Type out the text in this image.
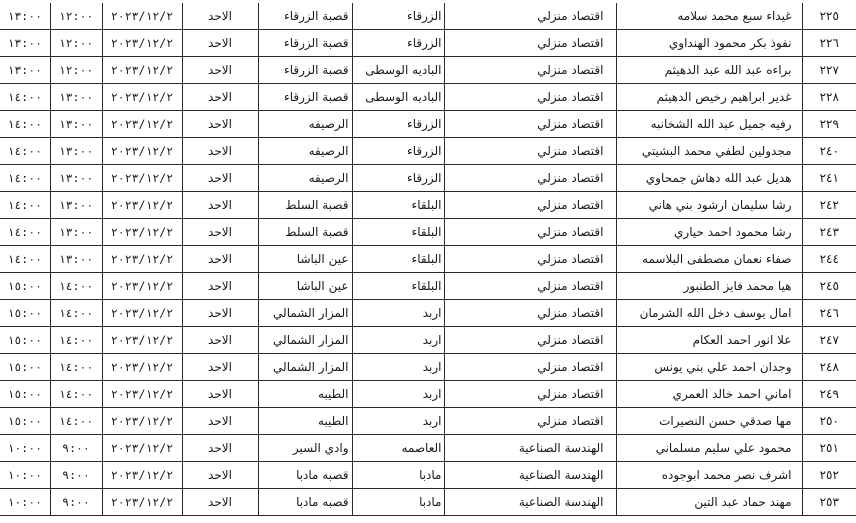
٢٢٥	غيداء سبع محمد سلامه	اقتصاد منزلي	الزرقاء	قصبة الزرقاء	الاحد	٢٠٢٣/١٢/٢	١٢:٠٠	١٣:٠٠
٢٢٦	نفوذ بكر محمود الهنداوي	اقتصاد منزلي	الزرقاء	قصبة الزرقاء	الاحد	٢٠٢٣/١٢/٢	١٢:٠٠	١٣:٠٠
٢٢٧	براءه عبد الله عبد الدهيثم	اقتصاد منزلي	الباديه الوسطى	قصبة الزرقاء	الاحد	٢٠٢٣/١٢/٢	١٢:٠٠	١٣:٠٠
٢٢٨	غدير ابراهيم رخيص الدهيثم	اقتصاد منزلي	الباديه الوسطى	قصبة الزرقاء	الاحد	٢٠٢٣/١٢/٢	١٣:٠٠	١٤:٠٠
٢٢٩	رفيه جميل عبد الله الشخانبه	اقتصاد منزلي	الزرقاء	الرصيفه	الاحد	٢٠٢٣/١٢/٢	١٣:٠٠	١٤:٠٠
٢٤٠	مجدولين لطفي محمد البشيتي	اقتصاد منزلي	الزرقاء	الرصيفه	الاحد	٢٠٢٣/١٢/٢	١٣:٠٠	١٤:٠٠
٢٤١	هديل عبد الله دهاش جمحاوي	اقتصاد منزلي	الزرقاء	الرصيفه	الاحد	٢٠٢٣/١٢/٢	١٣:٠٠	١٤:٠٠
٢٤٢	رشا سليمان ارشود بني هاني	اقتصاد منزلي	البلقاء	قصبة السلط	الاحد	٢٠٢٣/١٢/٢	١٣:٠٠	١٤:٠٠
٢٤٣	رشا محمود احمد حياري	اقتصاد منزلي	البلقاء	قصبة السلط	الاحد	٢٠٢٣/١٢/٢	١٣:٠٠	١٤:٠٠
٢٤٤	صفاء نعمان مصطفى البلاسمه	اقتصاد منزلي	البلقاء	عين الباشا	الاحد	٢٠٢٣/١٢/٢	١٣:٠٠	١٤:٠٠
٢٤٥	هيا محمد فايز الطنبور	اقتصاد منزلي	البلقاء	عين الباشا	الاحد	٢٠٢٣/١٢/٢	١٤:٠٠	١٥:٠٠
٢٤٦	امال يوسف دخل الله الشرمان	اقتصاد منزلي	اربد	المزار الشمالي	الاحد	٢٠٢٣/١٢/٢	١٤:٠٠	١٥:٠٠
٢٤٧	علا انور احمد العكام	اقتصاد منزلي	اربد	المزار الشمالي	الاحد	٢٠٢٣/١٢/٢	١٤:٠٠	١٥:٠٠
٢٤٨	وجدان احمد علي بني يونس	اقتصاد منزلي	اربد	المزار الشمالي	الاحد	٢٠٢٣/١٢/٢	١٤:٠٠	١٥:٠٠
٢٤٩	اماني احمد خالد العمري	اقتصاد منزلي	اربد	الطيبه	الاحد	٢٠٢٣/١٢/٢	١٤:٠٠	١٥:٠٠
٢٥٠	مها صدقي حسن النصيرات	اقتصاد منزلي	اربد	الطيبه	الاحد	٢٠٢٣/١٢/٢	١٤:٠٠	١٥:٠٠
٢٥١	محمود علي سليم مسلماني	الهندسة الصناعية	العاصمه	وادي السير	الاحد	٢٠٢٣/١٢/٢	٩:٠٠	١٠:٠٠
٢٥٢	اشرف نصر محمد ابوجوده	الهندسة الصناعية	مادبا	قصبه مادبا	الاحد	٢٠٢٣/١٢/٢	٩:٠٠	١٠:٠٠
٢٥٣	مهند حماد عبد التين	الهندسة الصناعية	مادبا	قصبه مادبا	الاحد	٢٠٢٣/١٢/٢	٩:٠٠	١٠:٠٠
